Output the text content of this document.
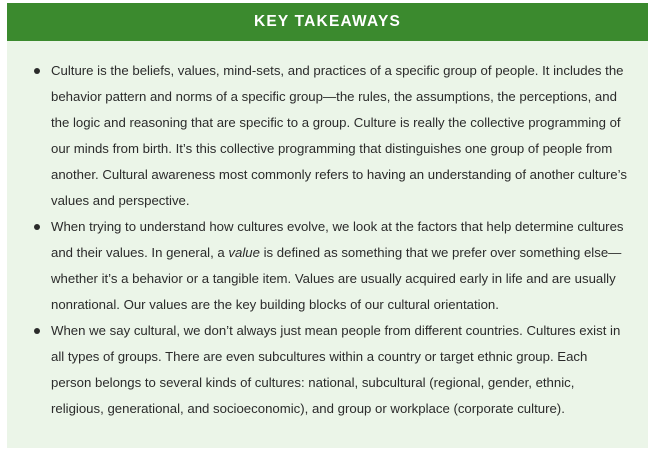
KEY TAKEAWAYS
Culture is the beliefs, values, mind-sets, and practices of a specific group of people. It includes the behavior pattern and norms of a specific group—the rules, the assumptions, the perceptions, and the logic and reasoning that are specific to a group. Culture is really the collective programming of our minds from birth. It’s this collective programming that distinguishes one group of people from another. Cultural awareness most commonly refers to having an understanding of another culture’s values and perspective.
When trying to understand how cultures evolve, we look at the factors that help determine cultures and their values. In general, a value is defined as something that we prefer over something else—whether it’s a behavior or a tangible item. Values are usually acquired early in life and are usually nonrational. Our values are the key building blocks of our cultural orientation.
When we say cultural, we don’t always just mean people from different countries. Cultures exist in all types of groups. There are even subcultures within a country or target ethnic group. Each person belongs to several kinds of cultures: national, subcultural (regional, gender, ethnic, religious, generational, and socioeconomic), and group or workplace (corporate culture).
